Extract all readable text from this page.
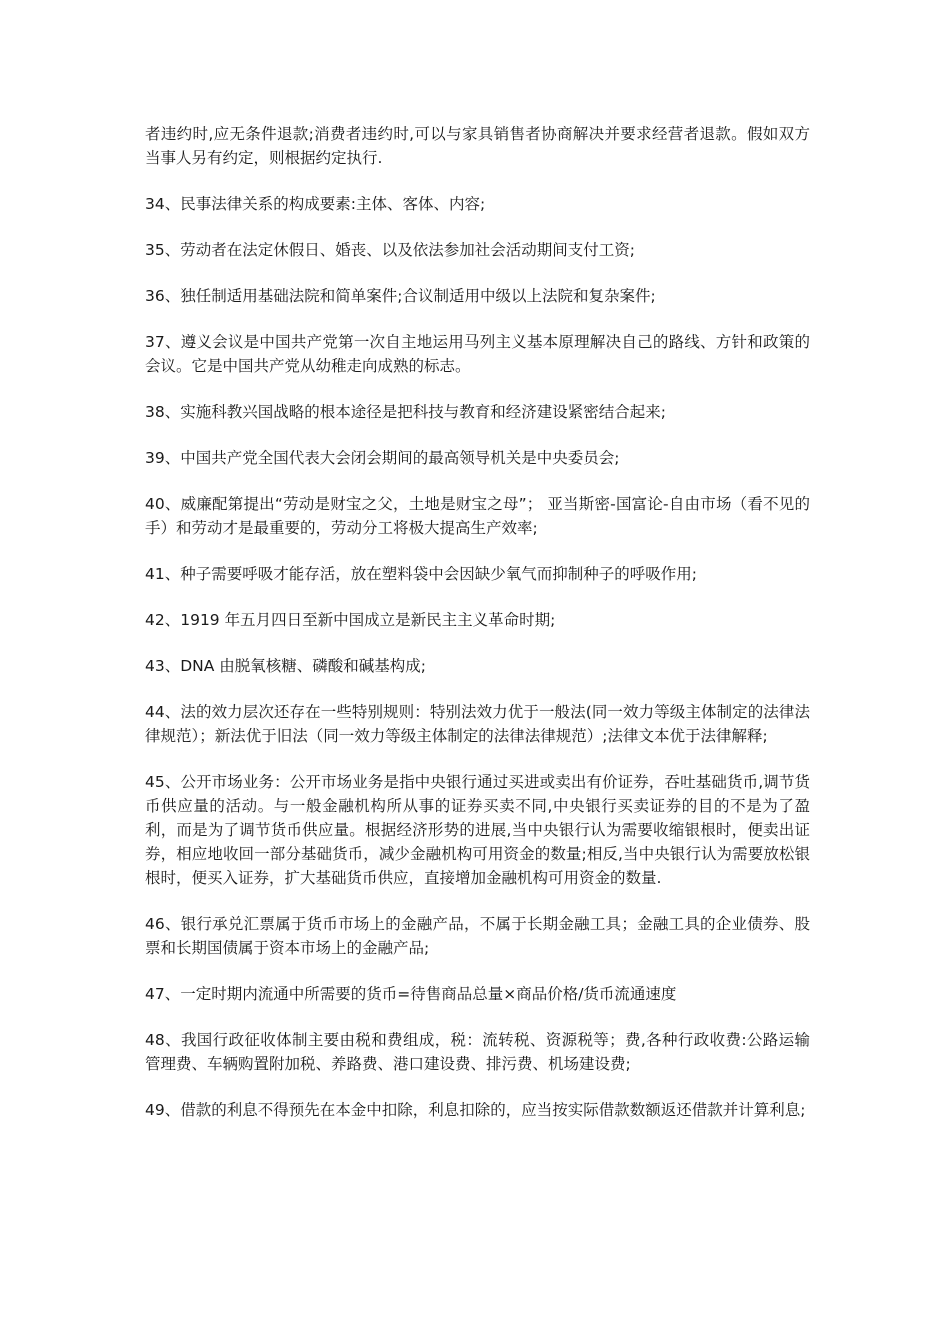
者违约时,应无条件退款;消费者违约时,可以与家具销售者协商解决并要求经营者退款。假如双方当事人另有约定，则根据约定执行.

34、民事法律关系的构成要素:主体、客体、内容;

35、劳动者在法定休假日、婚丧、以及依法参加社会活动期间支付工资;

36、独任制适用基础法院和简单案件;合议制适用中级以上法院和复杂案件;

37、遵义会议是中国共产党第一次自主地运用马列主义基本原理解决自己的路线、方针和政策的会议。它是中国共产党从幼稚走向成熟的标志。

38、实施科教兴国战略的根本途径是把科技与教育和经济建设紧密结合起来;

39、中国共产党全国代表大会闭会期间的最高领导机关是中央委员会;

40、威廉配第提出“劳动是财宝之父，土地是财宝之母”； 亚当斯密-国富论-自由市场（看不见的手）和劳动才是最重要的，劳动分工将极大提高生产效率;

41、种子需要呼吸才能存活，放在塑料袋中会因缺少氧气而抑制种子的呼吸作用;

42、1919 年五月四日至新中国成立是新民主主义革命时期;

43、DNA 由脱氧核糖、磷酸和碱基构成;

44、法的效力层次还存在一些特别规则：特别法效力优于一般法(同一效力等级主体制定的法律法律规范）；新法优于旧法（同一效力等级主体制定的法律法律规范）;法律文本优于法律解释;

45、公开市场业务：公开市场业务是指中央银行通过买进或卖出有价证券，吞吐基础货币,调节货币供应量的活动。与一般金融机构所从事的证券买卖不同,中央银行买卖证券的目的不是为了盈利，而是为了调节货币供应量。根据经济形势的进展,当中央银行认为需要收缩银根时，便卖出证券，相应地收回一部分基础货币，减少金融机构可用资金的数量;相反,当中央银行认为需要放松银根时，便买入证券，扩大基础货币供应，直接增加金融机构可用资金的数量.

46、银行承兑汇票属于货币市场上的金融产品，不属于长期金融工具；金融工具的企业债券、股票和长期国债属于资本市场上的金融产品;

47、一定时期内流通中所需要的货币=待售商品总量×商品价格/货币流通速度

48、我国行政征收体制主要由税和费组成，税：流转税、资源税等；费,各种行政收费:公路运输管理费、车辆购置附加税、养路费、港口建设费、排污费、机场建设费;

49、借款的利息不得预先在本金中扣除，利息扣除的，应当按实际借款数额返还借款并计算利息;
